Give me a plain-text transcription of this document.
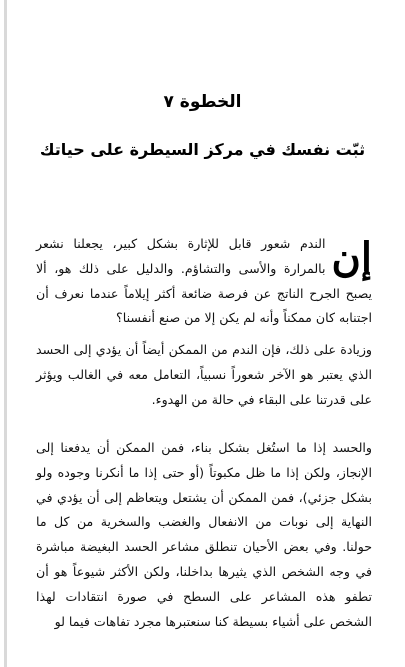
الخطوة ٧
ثبّت نفسك في مركز السيطرة على حياتك
إن
الندم شعور قابل للإثارة بشكل كبير، يجعلنا نشعر بالمرارة والأسى والتشاؤم. والدليل على ذلك هو، ألا يصبح الجرح الناتج عن فرصة ضائعة أكثر إيلاماً عندما نعرف أن اجتنابه كان ممكناً وأنه لم يكن إلا من صنع أنفسنا؟
وزيادة على ذلك، فإن الندم من الممكن أيضاً أن يؤدي إلى الحسد الذي يعتبر هو الآخر شعوراً نسبياً، التعامل معه في الغالب ويؤثر على قدرتنا على البقاء في حالة من الهدوء.
والحسد إذا ما استُغل بشكل بناء، فمن الممكن أن يدفعنا إلى الإنجاز، ولكن إذا ما ظل مكبوتاً (أو حتى إذا ما أنكرنا وجوده ولو بشكل جزئي)، فمن الممكن أن يشتعل ويتعاظم إلى أن يؤدي في النهاية إلى نوبات من الانفعال والغضب والسخرية من كل ما حولنا. وفي بعض الأحيان تنطلق مشاعر الحسد البغيضة مباشرة في وجه الشخص الذي يثيرها بداخلنا، ولكن الأكثر شيوعاً هو أن تطفو هذه المشاعر على السطح في صورة انتقادات لهذا الشخص على أشياء بسيطة كنا سنعتبرها مجرد تفاهات فيما لو
